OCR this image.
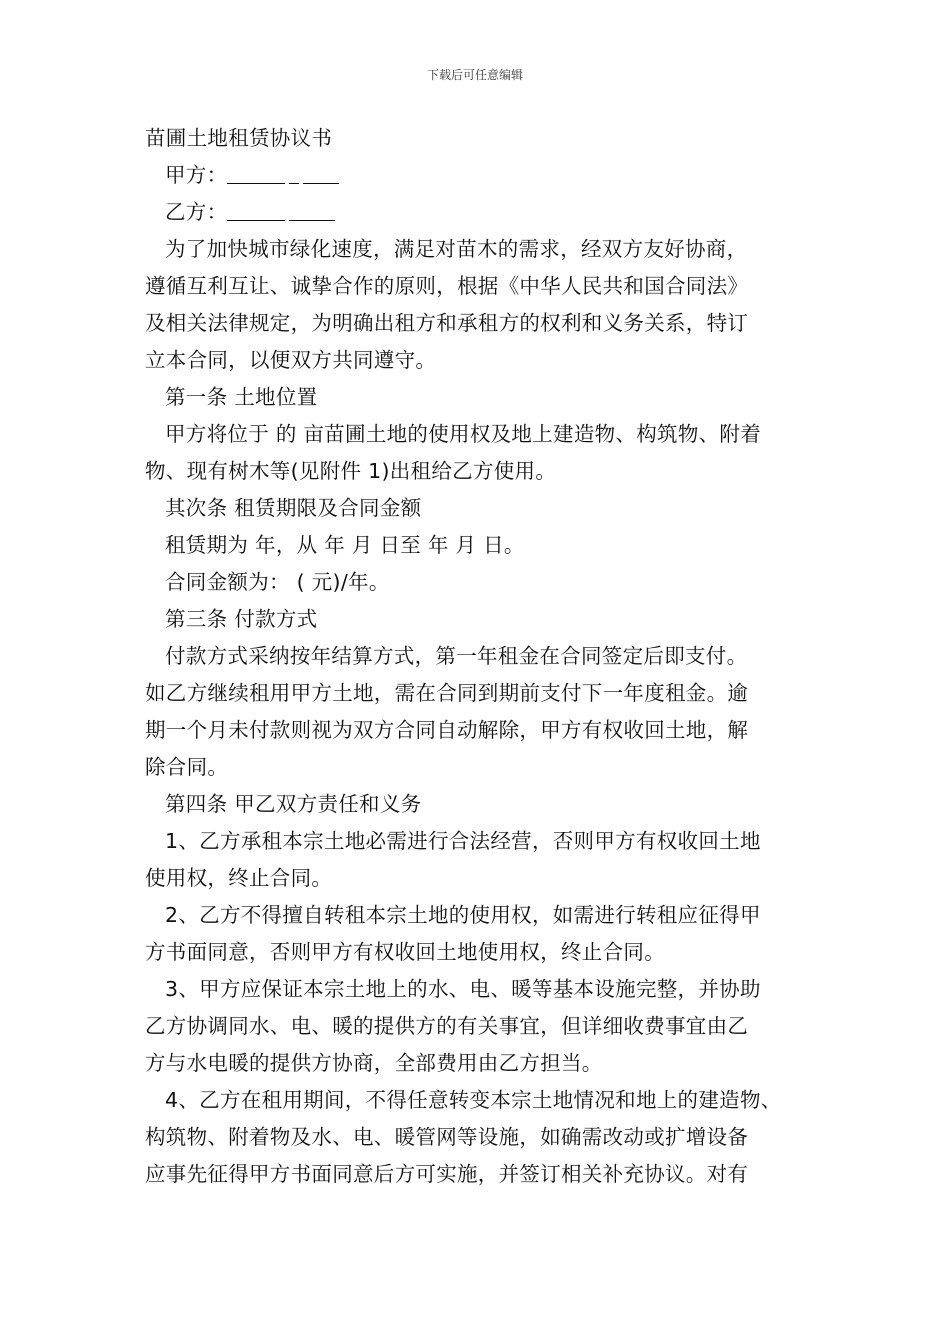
下载后可任意编辑

苗圃土地租赁协议书

甲方：

乙方：

为了加快城市绿化速度，满足对苗木的需求，经双方友好协商，

遵循互利互让、诚挚合作的原则，根据《中华人民共和国合同法》

及相关法律规定，为明确出租方和承租方的权利和义务关系，特订

立本合同，以便双方共同遵守。

第一条 土地位置

甲方将位于 的 亩苗圃土地的使用权及地上建造物、构筑物、附着

物、现有树木等(见附件 1)出租给乙方使用。

其次条 租赁期限及合同金额

租赁期为 年，从 年 月 日至 年 月 日。

合同金额为： ( 元)/年。

第三条 付款方式

付款方式采纳按年结算方式，第一年租金在合同签定后即支付。

如乙方继续租用甲方土地，需在合同到期前支付下一年度租金。逾

期一个月未付款则视为双方合同自动解除，甲方有权收回土地，解

除合同。

第四条 甲乙双方责任和义务

1、乙方承租本宗土地必需进行合法经营，否则甲方有权收回土地

使用权，终止合同。

2、乙方不得擅自转租本宗土地的使用权，如需进行转租应征得甲

方书面同意，否则甲方有权收回土地使用权，终止合同。

3、甲方应保证本宗土地上的水、电、暖等基本设施完整，并协助

乙方协调同水、电、暖的提供方的有关事宜，但详细收费事宜由乙

方与水电暖的提供方协商，全部费用由乙方担当。

4、乙方在租用期间，不得任意转变本宗土地情况和地上的建造物、

构筑物、附着物及水、电、暖管网等设施，如确需改动或扩增设备

应事先征得甲方书面同意后方可实施，并签订相关补充协议。对有
